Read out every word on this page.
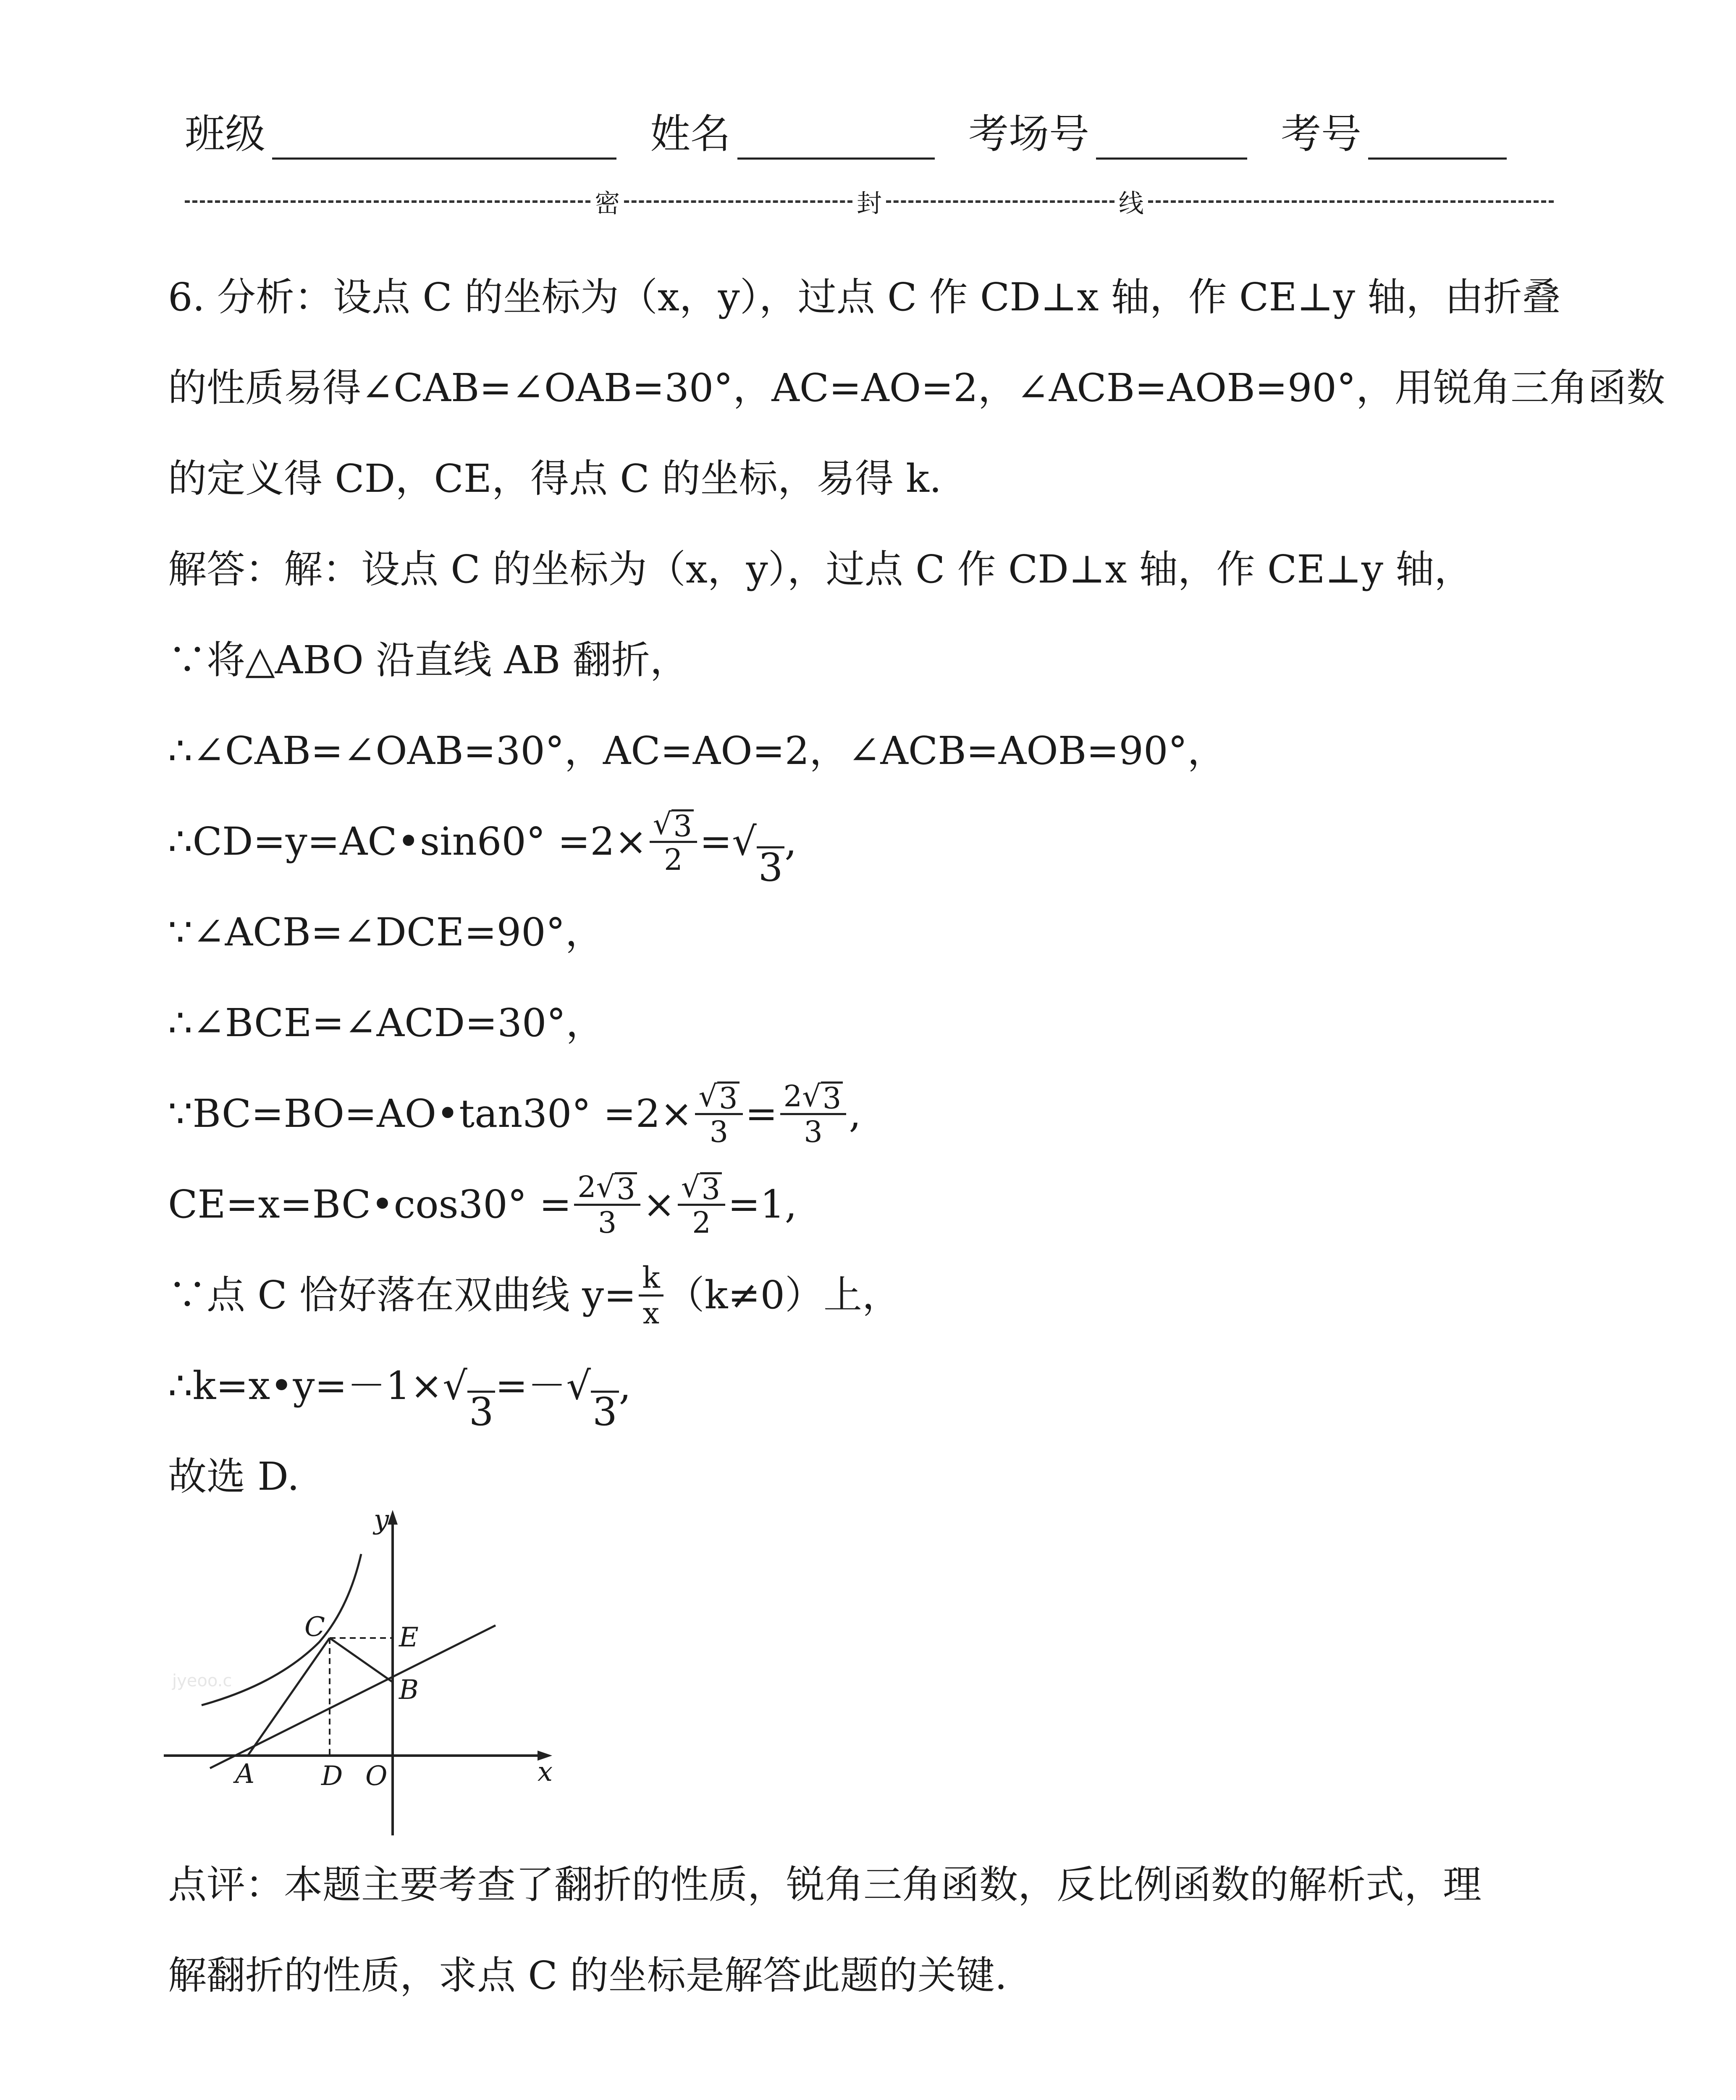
班级	姓名	考场号	考号
密	封	线
6. 分析：设点 C 的坐标为（x，y），过点 C 作 CD⊥x 轴，作 CE⊥y 轴，由折叠
的性质易得∠CAB=∠OAB=30°，AC=AO=2，∠ACB=AOB=90°，用锐角三角函数
的定义得 CD，CE，得点 C 的坐标，易得 k.
解答：解：设点 C 的坐标为（x，y），过点 C 作 CD⊥x 轴，作 CE⊥y 轴，
∵将△ABO 沿直线 AB 翻折，
∴∠CAB=∠OAB=30°，AC=AO=2，∠ACB=AOB=90°，
∴CD=y=AC•sin60° $=2\times \frac{√ 3}{2}$ = √
3
,
∵∠ACB=∠DCE=90°，
∴∠BCE=∠ACD=30°，
∵BC=BO=AO•tan30° $=2\times \frac{√ 3}{3} = \frac{2 √ 3}{3}$ ,
CE=x=BC•cos30° = $\frac{2 √ 3}{3} \times \frac{√ 3}{2} =1$,
∵点 C 恰好落在双曲线 $y= \frac{k}{x} (k\ne 0)$上，
∴k=x•y=－1× √
3
=－ √
3
,
故选 D.
y
x
C	E
B
A D O
jyeoo.c
点评：本题主要考查了翻折的性质，锐角三角函数，反比例函数的解析式，理
解翻折的性质，求点 C 的坐标是解答此题的关键.
